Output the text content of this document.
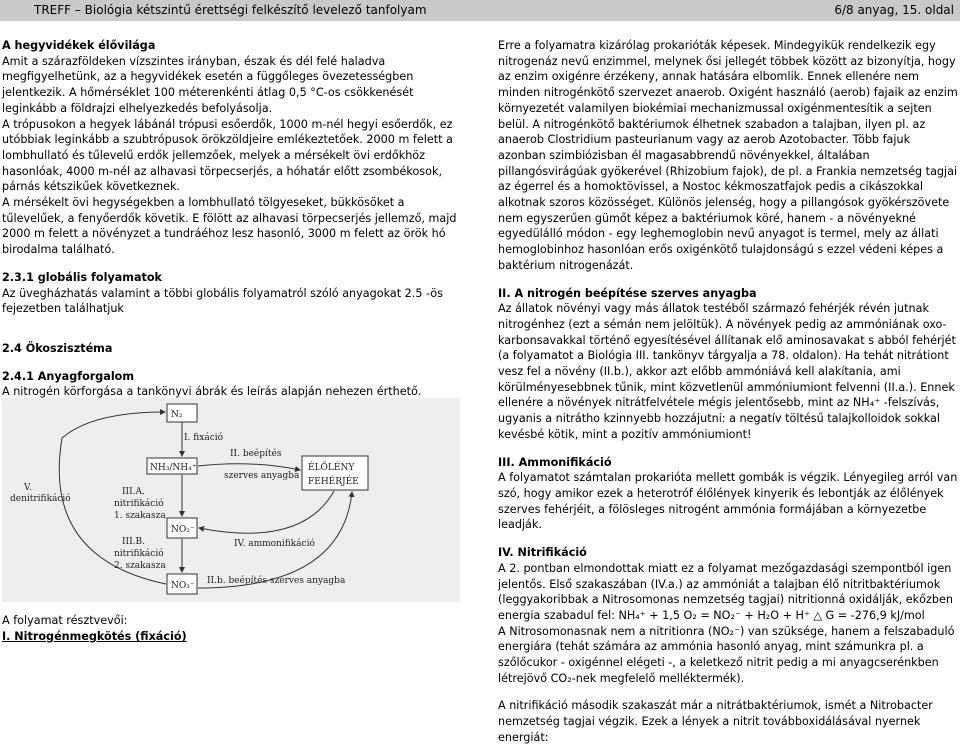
TREFF – Biológia kétszintű érettségi felkészítő levelező tanfolyam	6/8 anyag, 15. oldal

A hegyvidékek élővilága

Amit a szárazföldeken vízszintes irányban, észak és dél felé haladva megfigyelhetünk, az a hegyvidékek esetén a függőleges övezetességben jelentkezik. A hőmérséklet 100 méterenkénti átlag 0,5 °C-os csökkenését leginkább a földrajzi elhelyezkedés befolyásolja.

A trópusokon a hegyek lábánál trópusi esőerdők, 1000 m-nél hegyi esőerdők, ez utóbbiak leginkább a szubtrópusok örökzöldjeire emlékeztetőek. 2000 m felett a lombhullató és tűlevelű erdők jellemzőek, melyek a mérsékelt övi erdőkhöz hasonlóak, 4000 m-nél az alhavasi törpecserjés, a hóhatár előtt zsombékosok, párnás kétszikűek következnek.

A mérsékelt övi hegységekben a lombhullató tölgyeseket, bükkösöket a tűlevelűek, a fenyőerdők követik. E fölött az alhavasi törpecserjés jellemző, majd 2000 m felett a növényzet a tundráéhoz lesz hasonló, 3000 m felett az örök hó birodalma található.

2.3.1 globális folyamatok

Az üvegházhatás valamint a többi globális folyamatról szóló anyagokat 2.5 -ös fejezetben találhatjuk

2.4 Ökoszisztéma

2.4.1 Anyagforgalom

A nitrogén körforgása a tankönyvi ábrák és leírás alapján nehezen érthető.

N₂
I. fixáció
NH₃/NH₄⁺
II. beépítés
szerves anyagba
ÉLŐLÉNY
FEHÉRJÉE
V.
denitrifikáció
III.A.
nitrifikáció
1. szakasza
NO₂⁻
IV. ammonifikáció
III.B.
nitrifikáció
2. szakasza
NO₃⁻ II.b. beépítés szerves anyagba

A folyamat résztvevői:

I. Nitrogénmegkötés (fixáció)

Erre a folyamatra kizárólag prokarióták képesek. Mindegyikük rendelkezik egy nitrogenáz nevű enzimmel, melynek ősi jellegét többek között az bizonyítja, hogy az enzim oxigénre érzékeny, annak hatására elbomlik. Ennek ellenére nem minden nitrogénkötő szervezet anaerob. Oxigént használó (aerob) fajaik az enzim környezetét valamilyen biokémiai mechanizmussal oxigénmentesítik a sejten belül. A nitrogénkötő baktériumok élhetnek szabadon a talajban, ilyen pl. az anaerob Clostridium pasteurianum vagy az aerob Azotobacter. Több fajuk azonban szimbiózisban él magasabbrendű növényekkel, általában pillangósvirágúak gyökerével (Rhizobium fajok), de pl. a Frankia nemzetség tagjai az égerrel és a homoktövissel, a Nostoc kékmoszatfajok pedis a cikászokkal alkotnak szoros közösséget. Különös jelenség, hogy a pillangósok gyökérszövete nem egyszerűen gümőt képez a baktériumok köré, hanem - a növényekné egyedülálló módon - egy leghemoglobin nevű anyagot is termel, mely az állati hemoglobinhoz hasonlóan erős oxigénkötő tulajdonságú s ezzel védeni képes a baktérium nitrogenázát.

II. A nitrogén beépítése szerves anyagba

Az állatok növényi vagy más állatok testéből származó fehérjék révén jutnak nitrogénhez (ezt a sémán nem jelöltük). A növények pedig az ammóniának oxo-karbonsavakkal történő egyesítésével állítanak elő aminosavakat s abból fehérjét (a folyamatot a Biológia III. tankönyv tárgyalja a 78. oldalon). Ha tehát nitrátiont vesz fel a növény (II.b.), akkor azt előbb ammóniává kell alakítania, ami körülményesebbnek tűnik, mint közvetlenül ammóniumiont felvenni (II.a.). Ennek ellenére a növények nitrátfelvétele mégis jelentősebb, mint az NH₄⁺ -felszívás, ugyanis a nitrátho kzinnyebb hozzájutni: a negatív töltésű talajkolloidok sokkal kevésbé kötik, mint a pozitív ammóniumiont!

III. Ammonifikáció

A folyamatot számtalan prokarióta mellett gombák is végzik. Lényegileg arról van szó, hogy amikor ezek a heterotróf élőlények kinyerik és lebontják az élőlények szerves fehérjéit, a fölösleges nitrogént ammónia formájában a környezetbe leadják.

IV. Nitrifikáció

A 2. pontban elmondottak miatt ez a folyamat mezőgazdasági szempontból igen jelentős. Első szakaszában (IV.a.) az ammóniát a talajban élő nitritbaktériumok (leggyakoribbak a Nitrosomonas nemzetség tagjai) nitritionná oxidálják, ekőzben energia szabadul fel: NH₄⁺ + 1,5 O₂ = NO₂⁻ + H₂O + H⁺ △ G = -276,9 kJ/mol

A Nitrosomonasnak nem a nitritionra (NO₂⁻) van szüksége, hanem a felszabaduló energiára (tehát számára az ammónia hasonló anyag, mint számunkra pl. a szőlőcukor - oxigénnel elégeti -, a keletkező nitrit pedig a mi anyagcserénkben létrejövő CO₂-nek megfelelő melléktermék).

A nitrifikáció második szakaszát már a nitrátbaktériumok, ismét a Nitrobacter nemzetség tagjai végzik. Ezek a lények a nitrit továbboxidálásával nyernek energiát:
